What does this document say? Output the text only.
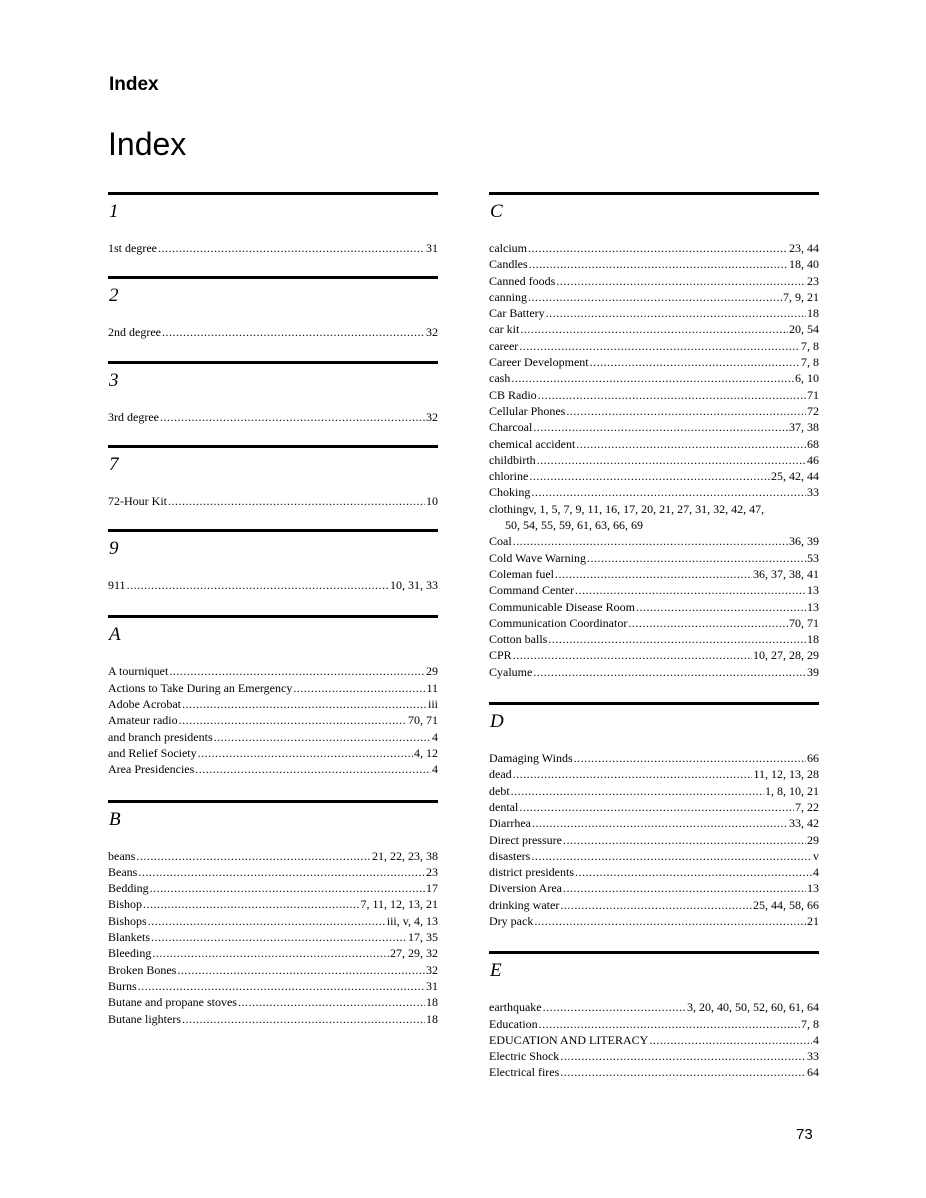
Index
Index
1
1st degree .....	31
2
2nd degree .....	32
3
3rd degree .....	32
7
72-Hour Kit .....	10
9
911 .....	10, 31, 33
A
A tourniquet .....	29
Actions to Take During an Emergency .....	11
Adobe Acrobat .....	iii
Amateur radio .....	70, 71
and branch presidents .....	4
and Relief Society .....	4, 12
Area Presidencies .....	4
B
beans .....	21, 22, 23, 38
Beans .....	23
Bedding .....	17
Bishop .....	7, 11, 12, 13, 21
Bishops .....	iii, v, 4, 13
Blankets .....	17, 35
Bleeding .....	27, 29, 32
Broken Bones .....	32
Burns .....	31
Butane and propane stoves .....	18
Butane lighters .....	18
C
calcium .....	23, 44
Candles .....	18, 40
Canned foods .....	23
canning .....	7, 9, 21
Car Battery .....	18
car kit .....	20, 54
career .....	7, 8
Career Development .....	7, 8
cash .....	6, 10
CB Radio .....	71
Cellular Phones .....	72
Charcoal .....	37, 38
chemical accident .....	68
childbirth .....	46
chlorine .....	25, 42, 44
Choking .....	33
clothingv, 1, 5, 7, 9, 11, 16, 17, 20, 21, 27, 31, 32, 42, 47,
50, 54, 55, 59, 61, 63, 66, 69
Coal .....	36, 39
Cold Wave Warning .....	53
Coleman fuel .....	36, 37, 38, 41
Command Center .....	13
Communicable Disease Room .....	13
Communication Coordinator .....	70, 71
Cotton balls .....	18
CPR .....	10, 27, 28, 29
Cyalume .....	39
D
Damaging Winds .....	66
dead .....	11, 12, 13, 28
debt .....	1, 8, 10, 21
dental .....	7, 22
Diarrhea .....	33, 42
Direct pressure .....	29
disasters .....	v
district presidents .....	4
Diversion Area .....	13
drinking water .....	25, 44, 58, 66
Dry pack .....	21
E
earthquake .....	3, 20, 40, 50, 52, 60, 61, 64
Education .....	7, 8
EDUCATION AND LITERACY .....	4
Electric Shock .....	33
Electrical fires .....	64
73
